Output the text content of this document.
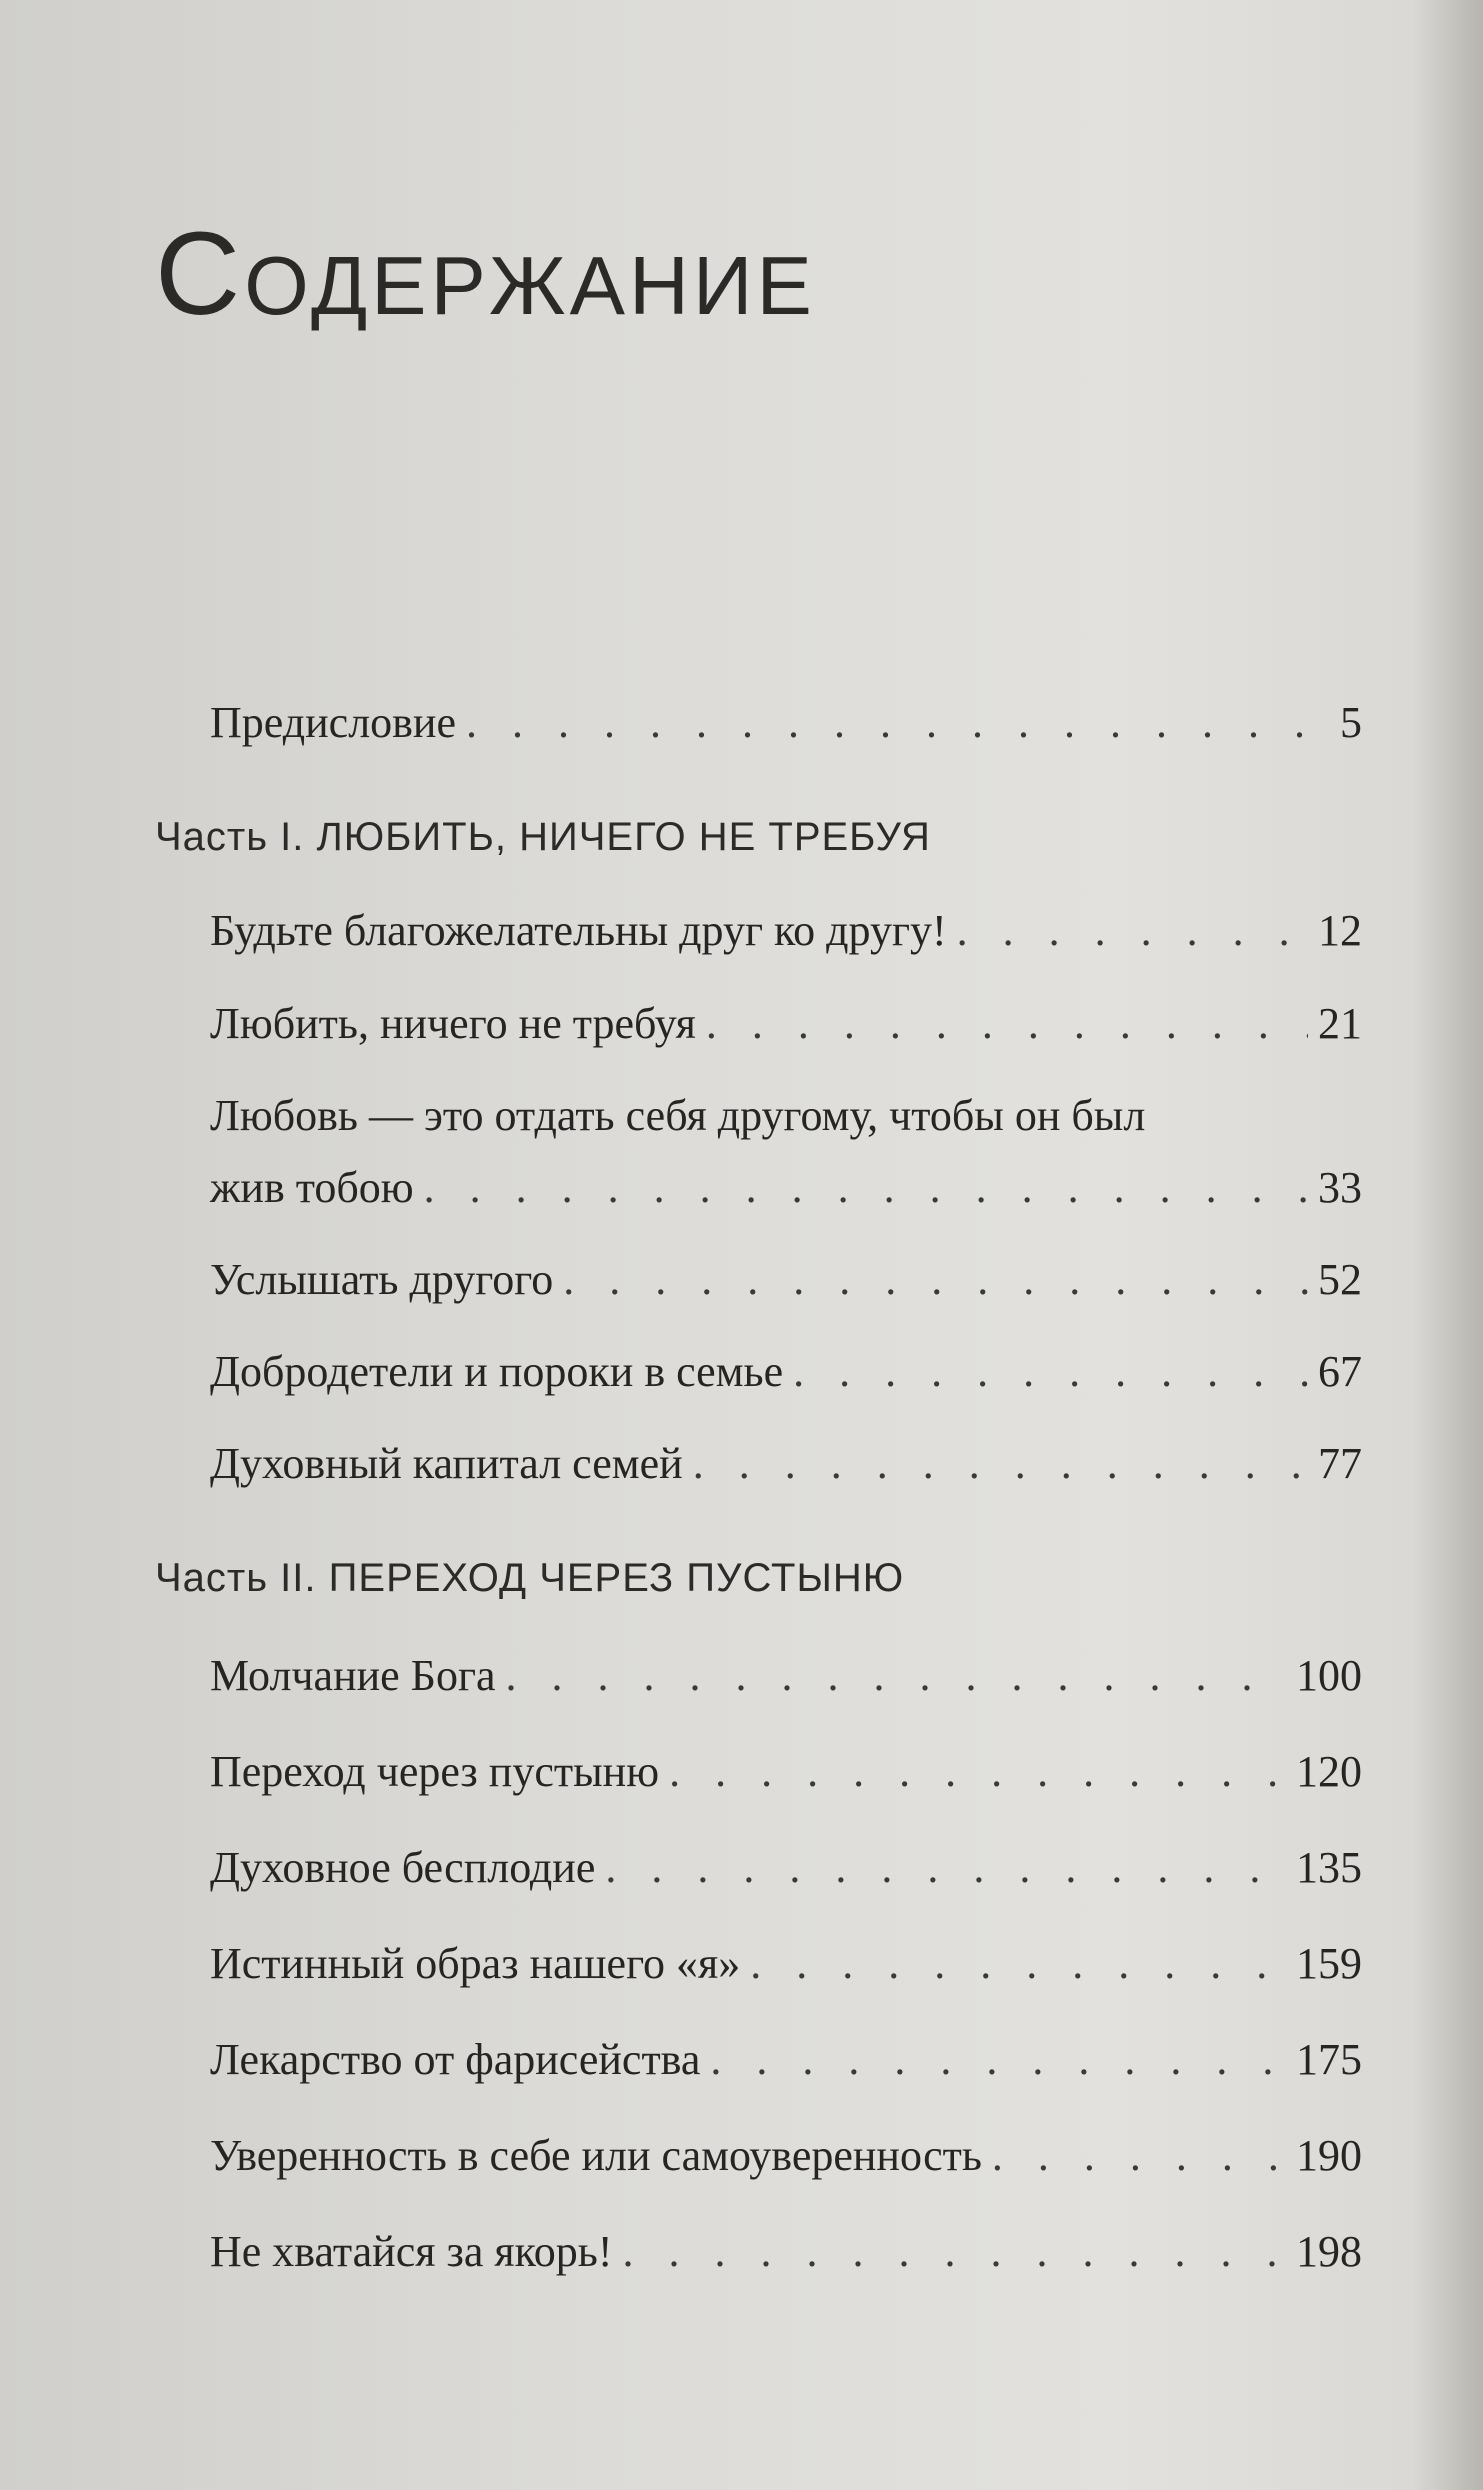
Содержание
Предисловие . . .	5
Часть I. ЛЮБИТЬ, НИЧЕГО НЕ ТРЕБУЯ
Будьте благожелательны друг ко другу! . . .	12
Любить, ничего не требуя . . .	21
Любовь — это отдать себя другому, чтобы он был
жив тобою . . .	33
Услышать другого . . .	52
Добродетели и пороки в семье . . .	67
Духовный капитал семей . . .	77
Часть II. ПЕРЕХОД ЧЕРЕЗ ПУСТЫНЮ
Молчание Бога . . .	100
Переход через пустыню . . .	120
Духовное бесплодие . . .	135
Истинный образ нашего «я» . . .	159
Лекарство от фарисейства . . .	175
Уверенность в себе или самоуверенность . . .	190
Не хватайся за якорь! . . .	198
